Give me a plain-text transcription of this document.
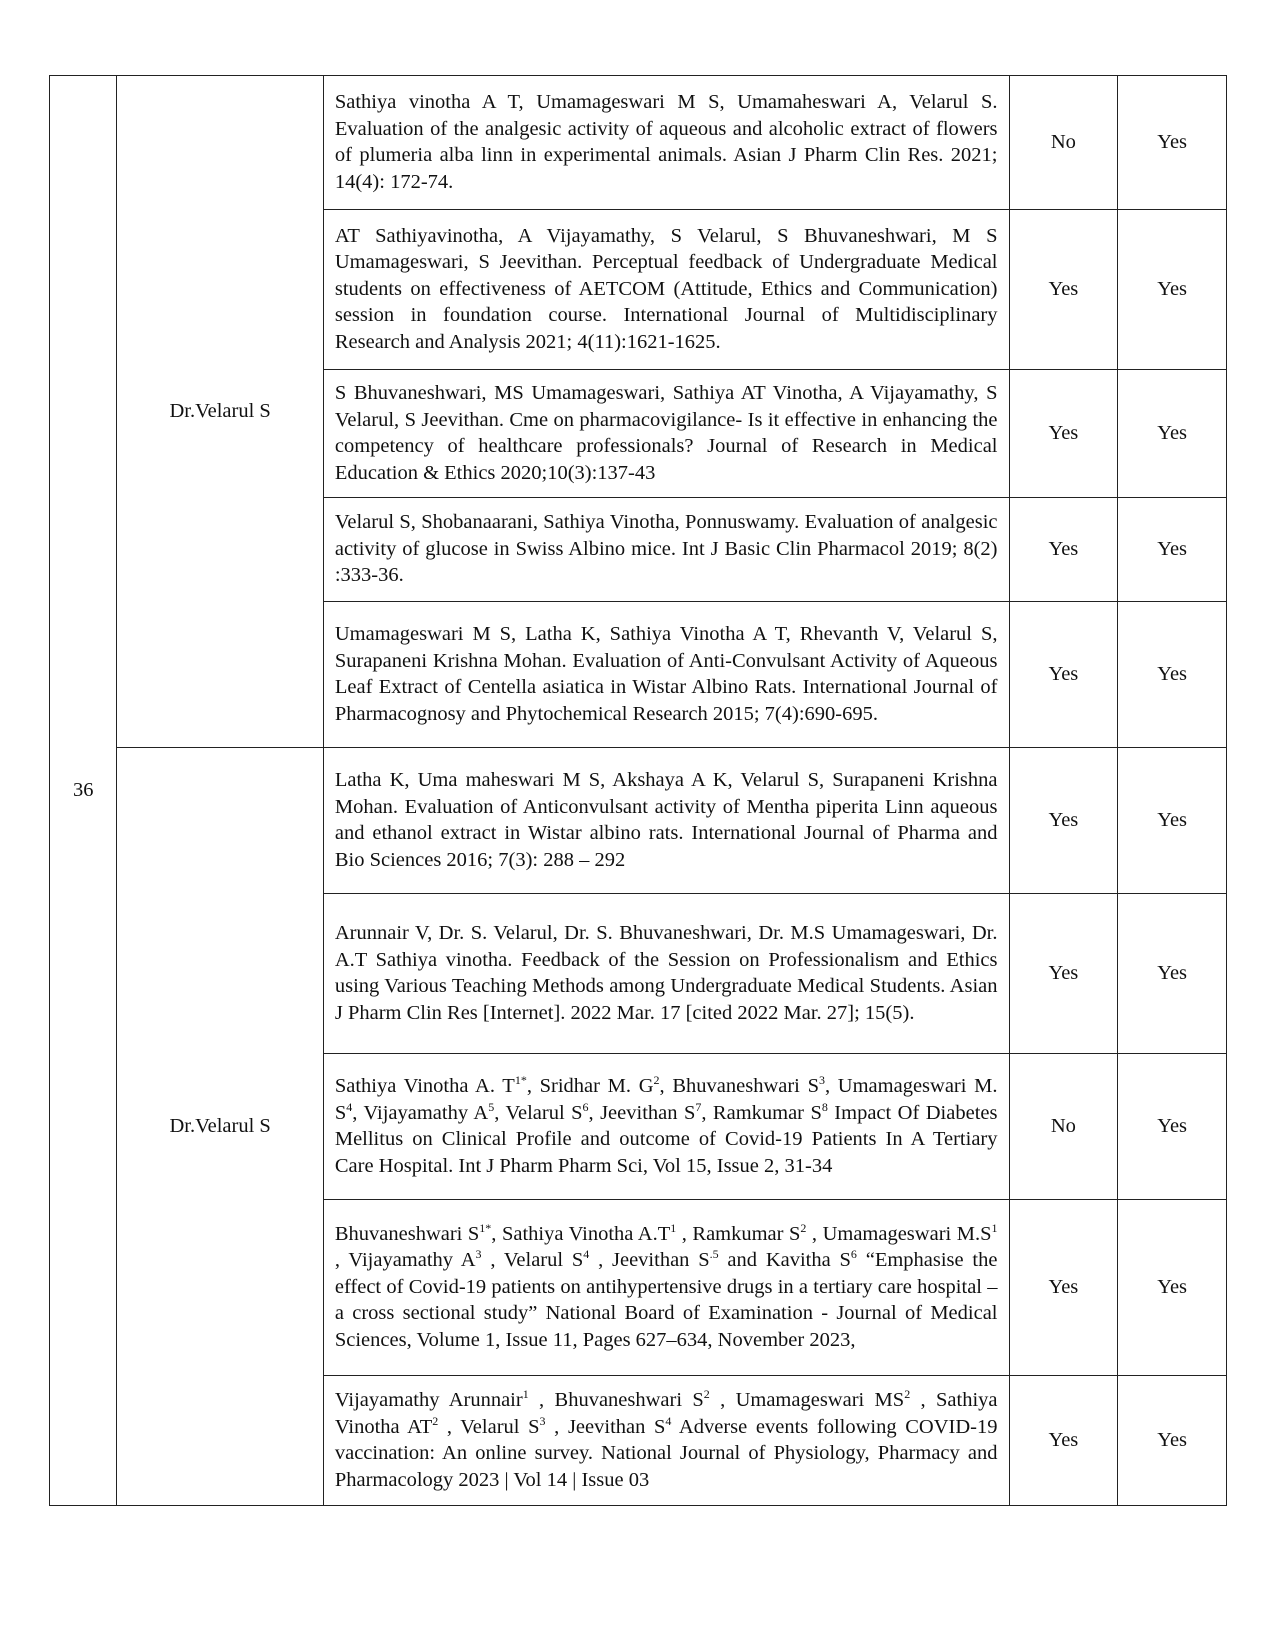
36	Dr.Velarul S	Sathiya vinotha A T, Umamageswari M S, Umamaheswari A, Velarul S. Evaluation of the analgesic activity of aqueous and alcoholic extract of flowers of plumeria alba linn in experimental animals. Asian J Pharm Clin Res. 2021; 14(4): 172-74.	No	Yes
		AT Sathiyavinotha, A Vijayamathy, S Velarul, S Bhuvaneshwari, M S Umamageswari, S Jeevithan. Perceptual feedback of Undergraduate Medical students on effectiveness of AETCOM (Attitude, Ethics and Communication) session in foundation course. International Journal of Multidisciplinary Research and Analysis 2021; 4(11):1621-1625.	Yes	Yes
		S Bhuvaneshwari, MS Umamageswari, Sathiya AT Vinotha, A Vijayamathy, S Velarul, S Jeevithan. Cme on pharmacovigilance- Is it effective in enhancing the competency of healthcare professionals? Journal of Research in Medical Education & Ethics 2020;10(3):137-43	Yes	Yes
		Velarul S, Shobanaarani, Sathiya Vinotha, Ponnuswamy. Evaluation of analgesic activity of glucose in Swiss Albino mice. Int J Basic Clin Pharmacol 2019; 8(2) :333-36.	Yes	Yes
		Umamageswari M S, Latha K, Sathiya Vinotha A T, Rhevanth V, Velarul S, Surapaneni Krishna Mohan. Evaluation of Anti-Convulsant Activity of Aqueous Leaf Extract of Centella asiatica in Wistar Albino Rats. International Journal of Pharmacognosy and Phytochemical Research 2015; 7(4):690-695.	Yes	Yes
	Dr.Velarul S	Latha K, Uma maheswari M S, Akshaya A K, Velarul S, Surapaneni Krishna Mohan. Evaluation of Anticonvulsant activity of Mentha piperita Linn aqueous and ethanol extract in Wistar albino rats. International Journal of Pharma and Bio Sciences 2016; 7(3): 288 – 292	Yes	Yes
		Arunnair V, Dr. S. Velarul, Dr. S. Bhuvaneshwari, Dr. M.S Umamageswari, Dr. A.T Sathiya vinotha. Feedback of the Session on Professionalism and Ethics using Various Teaching Methods among Undergraduate Medical Students. Asian J Pharm Clin Res [Internet]. 2022 Mar. 17 [cited 2022 Mar. 27]; 15(5).	Yes	Yes
		Sathiya Vinotha A. $T^{1*}$, Sridhar M. $G^2$, Bhuvaneshwari $S^3$, Umamageswari M. $S^4$, Vijayamathy $A^5$, Velarul $S^6$, Jeevithan $S^7$, Ramkumar $S^8$ Impact Of Diabetes Mellitus on Clinical Profile and outcome of Covid-19 Patients In A Tertiary Care Hospital. Int J Pharm Pharm Sci, Vol 15, Issue 2, 31-34	No	Yes
		Bhuvaneshwari $S^{1*}$, Sathiya Vinotha $A.T^1$ , Ramkumar $S^2$ , Umamageswari $M.S^1$ , Vijayamathy $A^3$ , Velarul $S^4$ , Jeevithan $S^{.5}$ and Kavitha $S^6$ “Emphasise the effect of Covid-19 patients on antihypertensive drugs in a tertiary care hospital – a cross sectional study” National Board of Examination - Journal of Medical Sciences, Volume 1, Issue 11, Pages 627–634, November 2023,	Yes	Yes
		Vijayamathy Arunnair$^1$ , Bhuvaneshwari $S^2$ , Umamageswari $MS^2$ , Sathiya Vinotha $AT^2$ , Velarul $S^3$ , Jeevithan $S^4$ Adverse events following COVID-19 vaccination: An online survey. National Journal of Physiology, Pharmacy and Pharmacology 2023 | Vol 14 | Issue 03	Yes	Yes
